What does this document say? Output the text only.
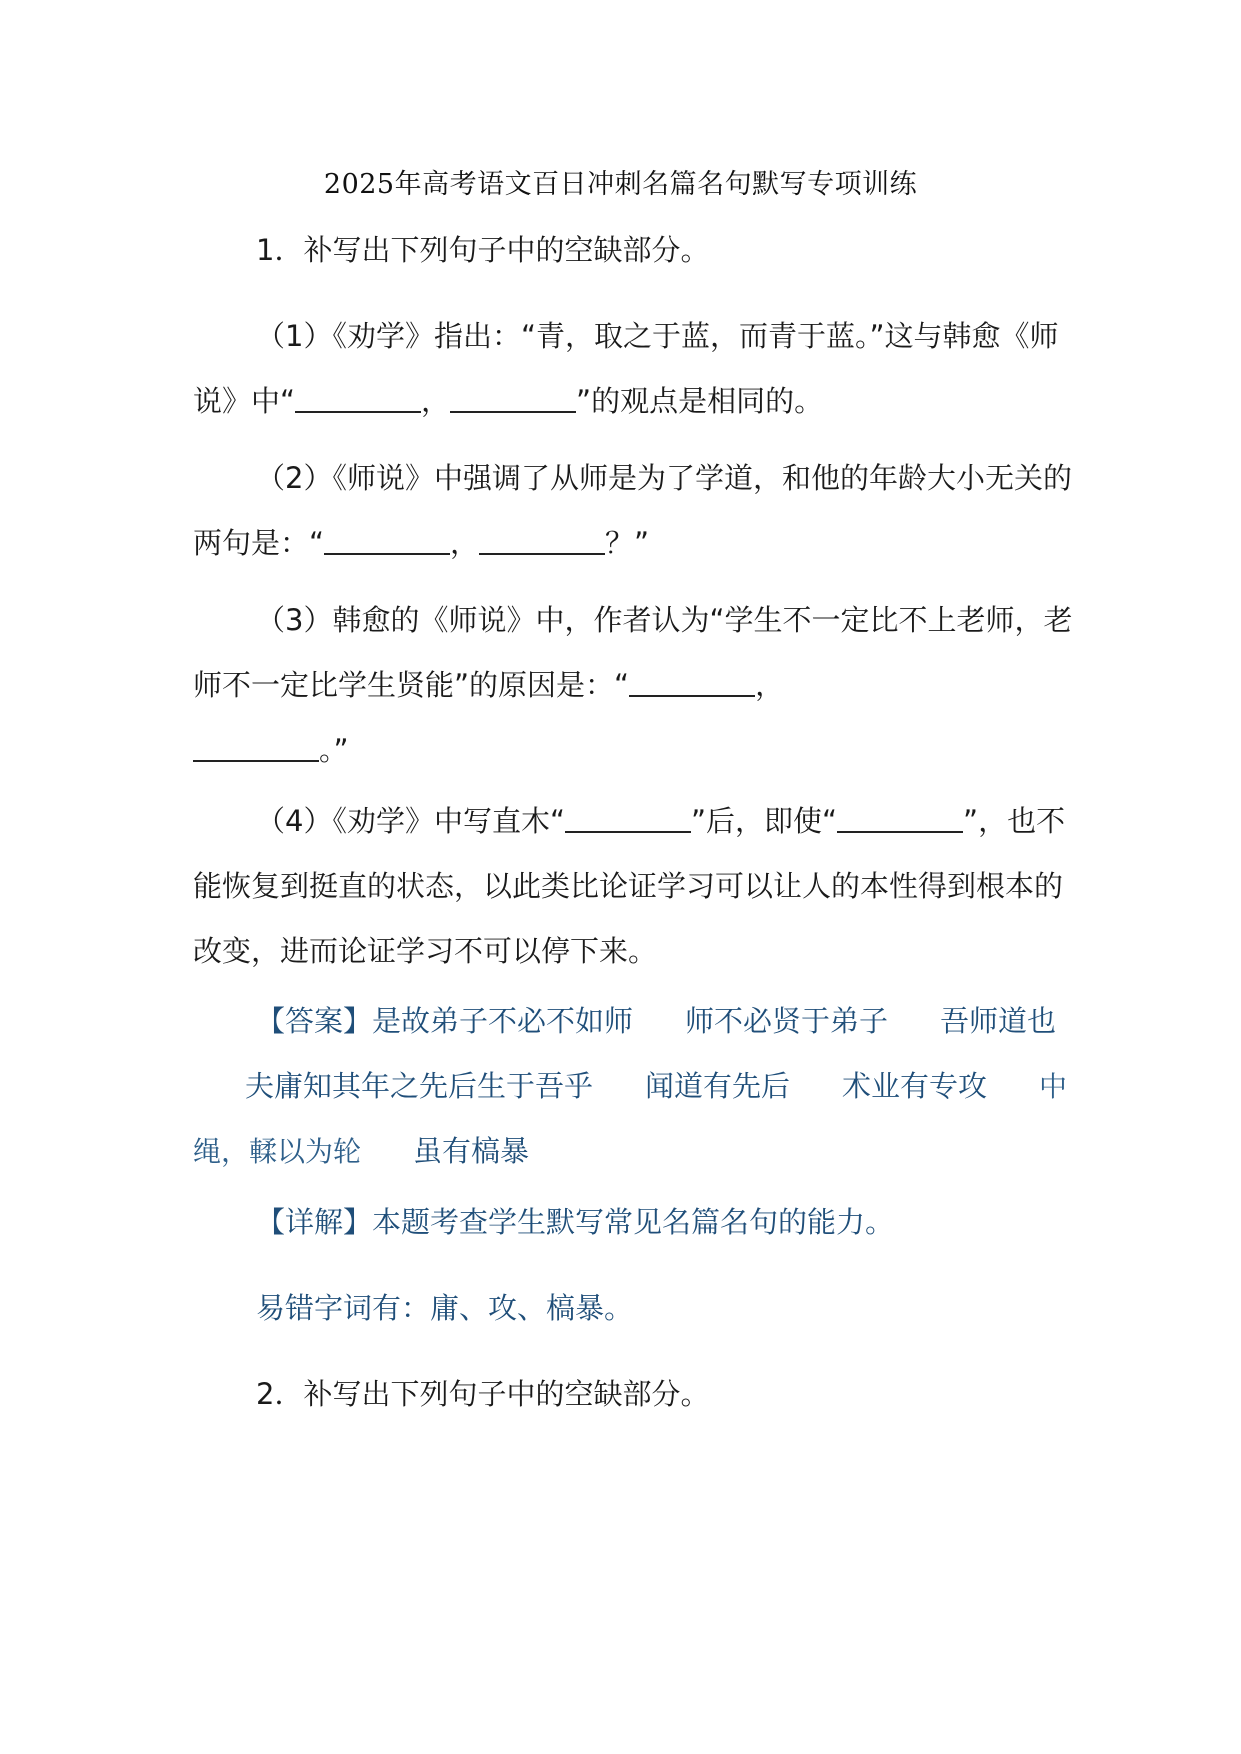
2025年高考语文百日冲刺名篇名句默写专项训练
1．补写出下列句子中的空缺部分。
（1）《劝学》指出：“青，取之于蓝，而青于蓝。”这与韩愈《师说》中“	，	”的观点是相同的。
（2）《师说》中强调了从师是为了学道，和他的年龄大小无关的两句是：“	，	？”
（3）韩愈的《师说》中，作者认为“学生不一定比不上老师，老师不一定比学生贤能”的原因是：“	，
。”
（4）《劝学》中写直木“	”后，即使“	”，也不能恢复到挺直的状态，以此类比论证学习可以让人的本性得到根本的改变，进而论证学习不可以停下来。
【答案】是故弟子不必不如师 师不必贤于弟子 吾师道也夫庸知其年之先后生于吾乎 闻道有先后 术业有专攻 中绳，輮以为轮 虽有槁暴
【详解】本题考查学生默写常见名篇名句的能力。
易错字词有：庸、攻、槁暴。
2．补写出下列句子中的空缺部分。
